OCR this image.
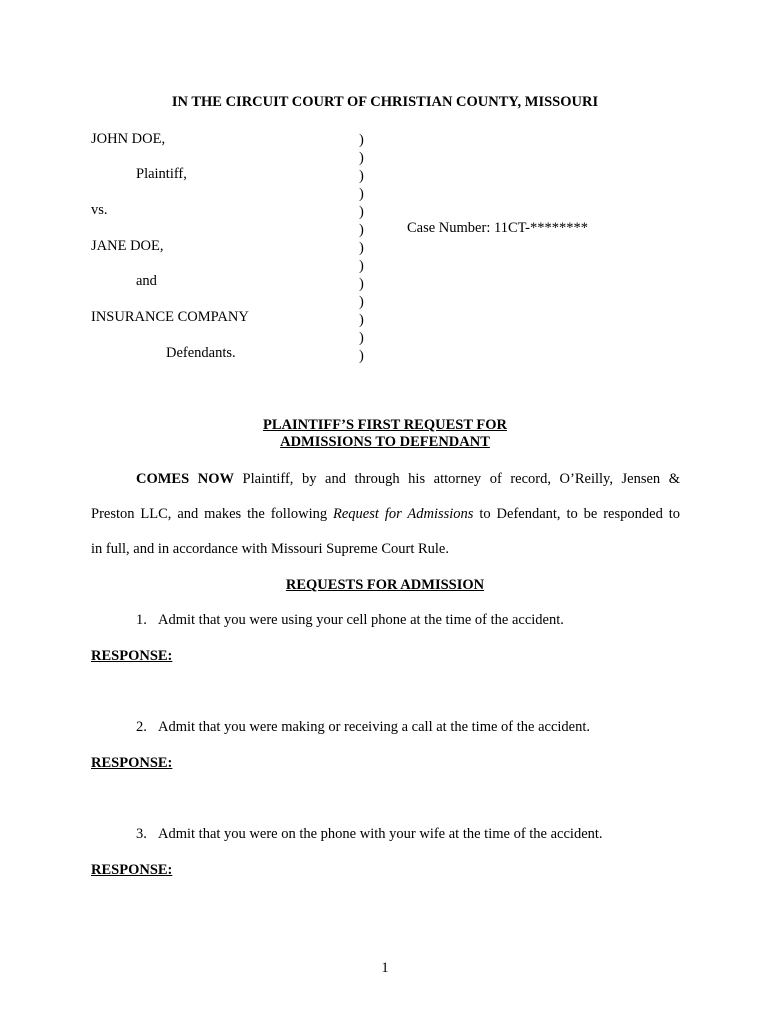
IN THE CIRCUIT COURT OF CHRISTIAN COUNTY, MISSOURI
JOHN DOE,
Plaintiff,
vs.
JANE DOE,
and
INSURANCE COMPANY
Defendants.
)
)
)
)
)
)
)
)
)
)
)
)
)
Case Number: 11CT-********
PLAINTIFF’S FIRST REQUEST FOR
ADMISSIONS TO DEFENDANT
COMES NOW Plaintiff, by and through his attorney of record, O’Reilly, Jensen &
Preston LLC, and makes the following Request for Admissions to Defendant, to be responded to
in full, and in accordance with Missouri Supreme Court Rule.
REQUESTS FOR ADMISSION
1. Admit that you were using your cell phone at the time of the accident.
RESPONSE:
2. Admit that you were making or receiving a call at the time of the accident.
RESPONSE:
3. Admit that you were on the phone with your wife at the time of the accident.
RESPONSE:
1
